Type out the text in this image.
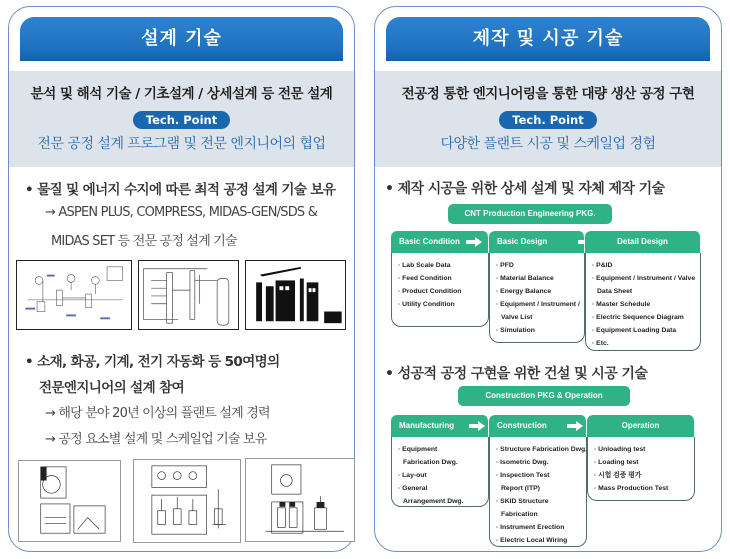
설계 기술
분석 및 해석 기술 / 기초설계 / 상세설계 등 전문 설계
Tech. Point
전문 공정 설계 프로그램 및 전문 엔지니어의 협업
• 물질 및 에너지 수지에 따른 최적 공정 설계 기술 보유
→ ASPEN PLUS, COMPRESS, MIDAS-GEN/SDS &
MIDAS SET 등 전문 공정 설계 기술
• 소재, 화공, 기계, 전기 자동화 등 50여명의
전문엔지니어의 설계 참여
→ 해당 분야 20년 이상의 플랜트 설계 경력
→ 공정 요소별 설계 및 스케일업 기술 보유
제작 및 시공 기술
전공정 통한 엔지니어링을 통한 대량 생산 공정 구현
Tech. Point
다양한 플랜트 시공 및 스케일업 경험
• 제작 시공을 위한 상세 설계 및 자체 제작 기술
CNT Production Engineering PKG.
Basic Condition	Basic Design	Detail Design
· Lab Scale Data
· Feed Condition
· Product Condition
· Utility Condition
· PFD
· Material Balance
· Energy Balance
· Equipment / Instrument /
Valve List
· Simulation
· P&ID
· Equipment / Instrument / Valve
Data Sheet
· Master Schedule
· Electric Sequence Diagram
· Equipment Loading Data
· Etc.
• 성공적 공정 구현을 위한 건설 및 시공 기술
Construction PKG & Operation
Manufacturing	Construction	Operation
· Equipment
Fabrication Dwg.
· Lay-out
· General
Arrangement Dwg.
· Structure Fabrication Dwg.
· Isometric Dwg.
· Inspection Test
Report (ITP)
· SKID Structure
Fabrication
· Instrument Erection
· Electric Local Wiring
· Unloading test
· Loading test
· 시험 검증 평가
· Mass Production Test
